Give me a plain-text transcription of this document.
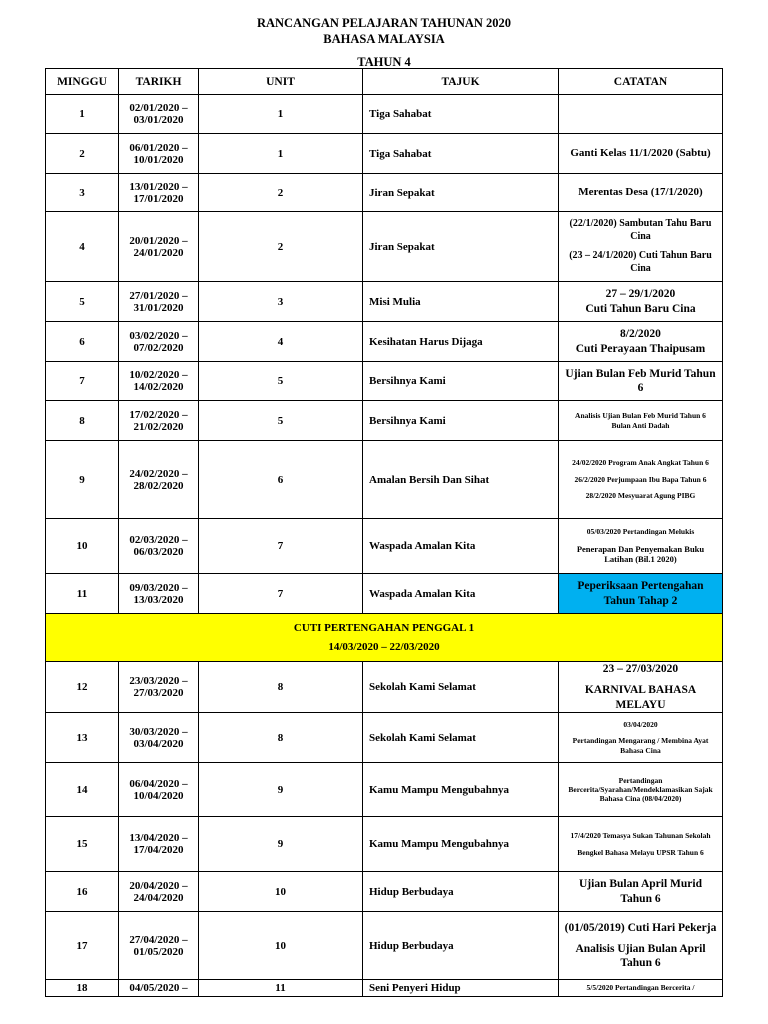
RANCANGAN PELAJARAN TAHUNAN 2020
BAHASA MALAYSIA
TAHUN 4
MINGGU	TARIKH	UNIT	TAJUK	CATATAN
1	02/01/2020 –
03/01/2020	1	Tiga Sahabat	
2	06/01/2020 –
10/01/2020	1	Tiga Sahabat	Ganti Kelas 11/1/2020 (Sabtu)

3	13/01/2020 –
17/01/2020	2	Jiran Sepakat	Merentas Desa (17/1/2020)

4	20/01/2020 –
24/01/2020	2	Jiran Sepakat	(22/1/2020) Sambutan Tahu Baru Cina
(23 – 24/1/2020) Cuti Tahun Baru Cina

5	27/01/2020 –
31/01/2020	3	Misi Mulia	27 – 29/1/2020
Cuti Tahun Baru Cina

6	03/02/2020 –
07/02/2020	4	Kesihatan Harus Dijaga	8/2/2020
Cuti Perayaan Thaipusam

7	10/02/2020 –
14/02/2020	5	Bersihnya Kami	Ujian Bulan Feb Murid Tahun 6

8	17/02/2020 –
21/02/2020	5	Bersihnya Kami	Analisis Ujian Bulan Feb Murid Tahun 6
Bulan Anti Dadah

9	24/02/2020 –
28/02/2020	6	Amalan Bersih Dan Sihat	24/02/2020 Program Anak Angkat Tahun 6
26/2/2020 Perjumpaan Ibu Bapa Tahun 6
28/2/2020 Mesyuarat Agung PIBG

10	02/03/2020 –
06/03/2020	7	Waspada Amalan Kita	05/03/2020 Pertandingan Melukis
Penerapan Dan Penyemakan Buku Latihan (Bil.1 2020)

11	09/03/2020 –
13/03/2020	7	Waspada Amalan Kita	Peperiksaan Pertengahan Tahun Tahap 2

CUTI PERTENGAHAN PENGGAL 1
14/03/2020 – 22/03/2020				

12	23/03/2020 –
27/03/2020	8	Sekolah Kami Selamat	23 – 27/03/2020
KARNIVAL BAHASA MELAYU

13	30/03/2020 –
03/04/2020	8	Sekolah Kami Selamat	03/04/2020
Pertandingan Mengarang / Membina Ayat Bahasa Cina

14	06/04/2020 –
10/04/2020	9	Kamu Mampu Mengubahnya	Pertandingan Bercerita/Syarahan/Mendeklamasikan Sajak Bahasa Cina (08/04/2020)

15	13/04/2020 –
17/04/2020	9	Kamu Mampu Mengubahnya	17/4/2020 Temasya Sukan Tahunan Sekolah
Bengkel Bahasa Melayu UPSR Tahun 6

16	20/04/2020 –
24/04/2020	10	Hidup Berbudaya	Ujian Bulan April Murid Tahun 6

17	27/04/2020 –
01/05/2020	10	Hidup Berbudaya	(01/05/2019) Cuti Hari Pekerja
Analisis Ujian Bulan April Tahun 6

18	04/05/2020 –	11	Seni Penyeri Hidup	5/5/2020 Pertandingan Bercerita /
